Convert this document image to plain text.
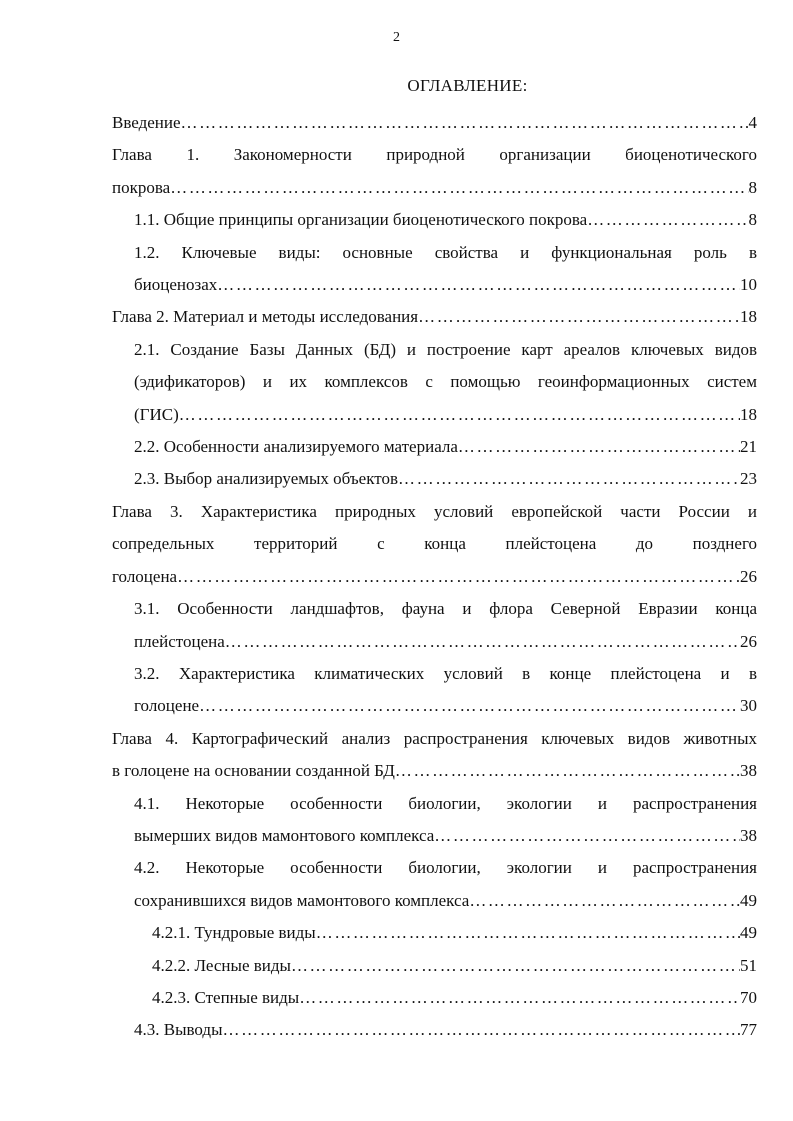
2
ОГЛАВЛЕНИЕ:
Введение ……………………………………………………………………………………………………………	4
Глава 1. Закономерности природной организации биоценотического
покрова ……………………………………………………………………………………………………………	8
1.1. Общие принципы организации биоценотического покрова ……………………………………………………………………………………………………………	8
1.2. Ключевые виды: основные свойства и функциональная роль в
биоценозах ……………………………………………………………………………………………………………	10
Глава 2. Материал и методы исследования ……………………………………………………………………………………………………………	18
2.1. Создание Базы Данных (БД) и построение карт ареалов ключевых видов
(эдификаторов) и их комплексов с помощью геоинформационных систем
(ГИС) ……………………………………………………………………………………………………………	18
2.2. Особенности анализируемого материала ……………………………………………………………………………………………………………	21
2.3. Выбор анализируемых объектов ……………………………………………………………………………………………………………	23
Глава 3. Характеристика природных условий европейской части России и
сопредельных территорий с конца плейстоцена до позднего
голоцена ……………………………………………………………………………………………………………	26
3.1. Особенности ландшафтов, фауна и флора Северной Евразии конца
плейстоцена ……………………………………………………………………………………………………………	26
3.2. Характеристика климатических условий в конце плейстоцена и в
голоцене ……………………………………………………………………………………………………………	30
Глава 4. Картографический анализ распространения ключевых видов животных
в голоцене на основании созданной БД ……………………………………………………………………………………………………………	38
4.1. Некоторые особенности биологии, экологии и распространения
вымерших видов мамонтового комплекса ……………………………………………………………………………………………………………	38
4.2. Некоторые особенности биологии, экологии и распространения
сохранившихся видов мамонтового комплекса ……………………………………………………………………………………………………………	49
4.2.1. Тундровые виды ……………………………………………………………………………………………………………	49
4.2.2. Лесные виды ……………………………………………………………………………………………………………	51
4.2.3. Степные виды ……………………………………………………………………………………………………………	70
4.3. Выводы ……………………………………………………………………………………………………………	77
